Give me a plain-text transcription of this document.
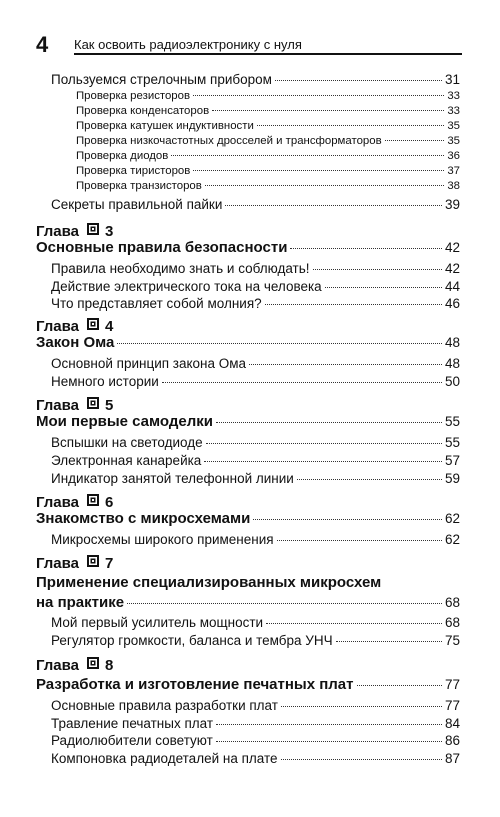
4 Как освоить радиоэлектронику с нуля
Пользуемся стрелочным прибором	31
Проверка резисторов	33
Проверка конденсаторов	33
Проверка катушек индуктивности	35
Проверка низкочастотных дросселей и трансформаторов	35
Проверка диодов	36
Проверка тиристоров	37
Проверка транзисторов	38
Секреты правильной пайки	39
Глава 3
Основные правила безопасности	42
Правила необходимо знать и соблюдать!	42
Действие электрического тока на человека	44
Что представляет собой молния?	46
Глава 4
Закон Ома	48
Основной принцип закона Ома	48
Немного истории	50
Глава 5
Мои первые самоделки	55
Вспышки на светодиоде	55
Электронная канарейка	57
Индикатор занятой телефонной линии	59
Глава 6
Знакомство с микросхемами	62
Микросхемы широкого применения	62
Глава 7
Применение специализированных микросхем
на практике	68
Мой первый усилитель мощности	68
Регулятор громкости, баланса и тембра УНЧ	75
Глава 8
Разработка и изготовление печатных плат	77
Основные правила разработки плат	77
Травление печатных плат	84
Радиолюбители советуют	86
Компоновка радиодеталей на плате	87
